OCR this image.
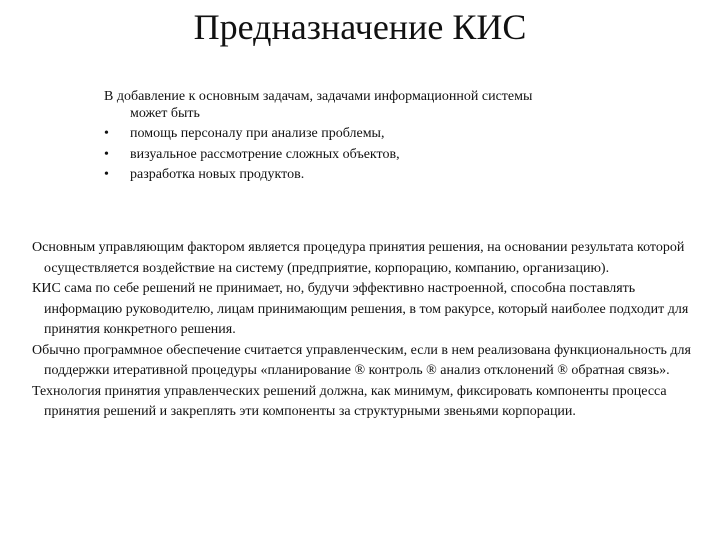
Предназначение КИС

В добавление к основным задачам, задачами информационной системы
может быть

• помощь персоналу при анализе проблемы,
• визуальное рассмотрение сложных объектов,
• разработка новых продуктов.

Основным управляющим фактором является процедура принятия решения, на основании результата которой осуществляется воздействие на систему (предприятие, корпорацию, компанию, организацию).

КИС сама по себе решений не принимает, но, будучи эффективно настроенной, способна поставлять информацию руководителю, лицам принимающим решения, в том ракурсе, который наиболее подходит для принятия конкретного решения.

Обычно программное обеспечение считается управленческим, если в нем реализована функциональность для поддержки итеративной процедуры «планирование ® контроль ® анализ отклонений ® обратная связь».

Технология принятия управленческих решений должна, как минимум, фиксировать компоненты процесса принятия решений и закреплять эти компоненты за структурными звеньями корпорации.
